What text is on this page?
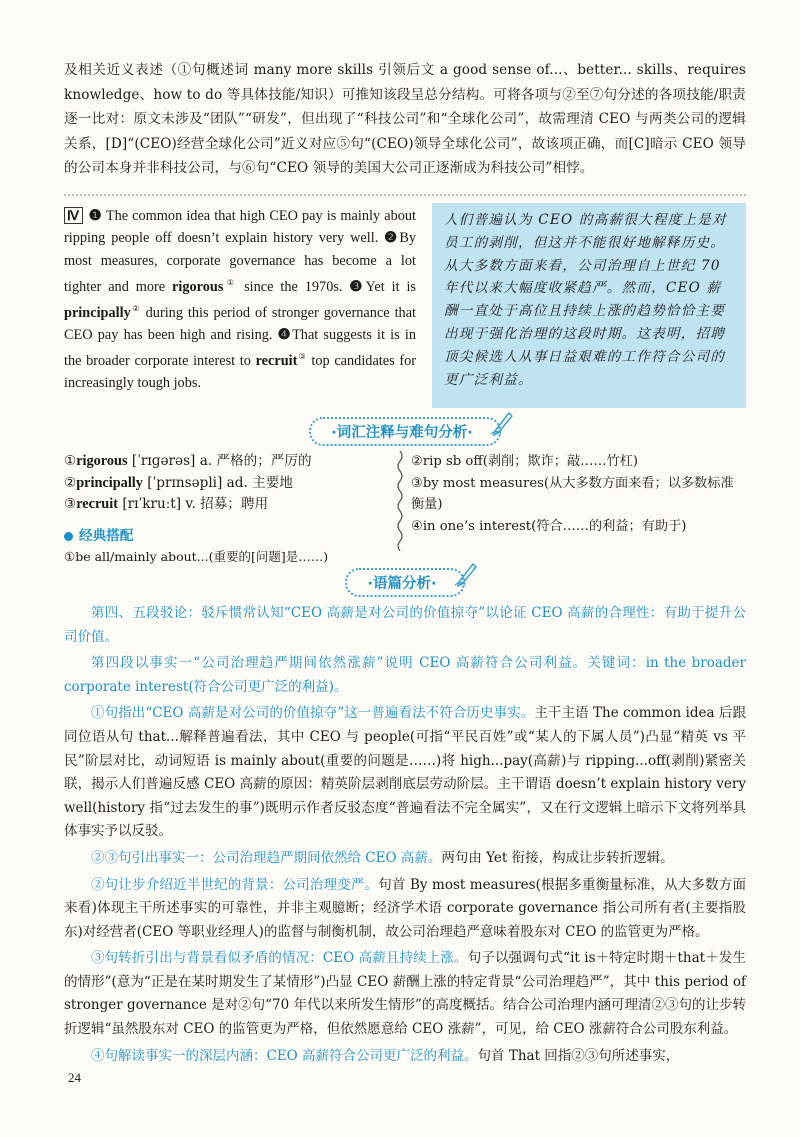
及相关近义表述（①句概述词 many more skills 引领后文 a good sense of...、better... skills、requires knowledge、how to do 等具体技能/知识）可推知该段呈总分结构。可将各项与②至⑦句分述的各项技能/职责逐一比对：原文未涉及“团队”“研发”，但出现了“科技公司”和“全球化公司”，故需理清 CEO 与两类公司的逻辑关系，[D]“(CEO)经营全球化公司”近义对应⑤句“(CEO)领导全球化公司”，故该项正确，而[C]暗示 CEO 领导的公司本身并非科技公司，与⑥句“CEO 领导的美国大公司正逐渐成为科技公司”相悖。

Ⅳ ❶ The common idea that high CEO pay is mainly about ripping people off doesn’t explain history very well. ❷By most measures, corporate governance has become a lot tighter and more rigorous① since the 1970s. ❸Yet it is principally② during this period of stronger governance that CEO pay has been high and rising. ❹That suggests it is in the broader corporate interest to recruit③ top candidates for increasingly tough jobs.
人们普遍认为 CEO 的高薪很大程度上是对员工的剥削，但这并不能很好地解释历史。从大多数方面来看，公司治理自上世纪 70 年代以来大幅度收紧趋严。然而，CEO 薪酬一直处于高位且持续上涨的趋势恰恰主要出现于强化治理的这段时期。这表明，招聘顶尖候选人从事日益艰难的工作符合公司的更广泛利益。
·词汇注释与难句分析·
①rigorous [ˈrɪɡərəs] a. 严格的；严厉的
②principally [ˈprɪnsəpli] ad. 主要地
③recruit [rɪˈkruːt] v. 招募；聘用
经典搭配
①be all/mainly about...(重要的[问题]是……)
②rip sb off(剥削；欺诈；敲……竹杠)
③by most measures(从大多数方面来看；以多数标准衡量)
④in one’s interest(符合……的利益；有助于)
·语篇分析·

第四、五段驳论：驳斥惯常认知“CEO 高薪是对公司的价值掠夺”以论证 CEO 高薪的合理性：有助于提升公司价值。

第四段以事实一“公司治理趋严期间依然涨薪”说明 CEO 高薪符合公司利益。关键词：in the broader corporate interest(符合公司更广泛的利益)。

①句指出“CEO 高薪是对公司的价值掠夺”这一普遍看法不符合历史事实。主干主语 The common idea 后跟同位语从句 that...解释普遍看法，其中 CEO 与 people(可指“平民百姓”或“某人的下属人员”)凸显“精英 vs 平民”阶层对比，动词短语 is mainly about(重要的问题是……)将 high...pay(高薪)与 ripping...off(剥削)紧密关联，揭示人们普遍反感 CEO 高薪的原因：精英阶层剥削底层劳动阶层。主干谓语 doesn’t explain history very well(history 指“过去发生的事”)既明示作者反驳态度“普遍看法不完全属实”，又在行文逻辑上暗示下文将列举具体事实予以反驳。

②③句引出事实一：公司治理趋严期间依然给 CEO 高薪。两句由 Yet 衔接，构成让步转折逻辑。

②句让步介绍近半世纪的背景：公司治理变严。句首 By most measures(根据多重衡量标准，从大多数方面来看)体现主干所述事实的可靠性，并非主观臆断；经济学术语 corporate governance 指公司所有者(主要指股东)对经营者(CEO 等职业经理人)的监督与制衡机制，故公司治理趋严意味着股东对 CEO 的监管更为严格。

③句转折引出与背景看似矛盾的情况：CEO 高薪且持续上涨。句子以强调句式“it is＋特定时期＋that＋发生的情形”(意为“正是在某时期发生了某情形”)凸显 CEO 薪酬上涨的特定背景“公司治理趋严”，其中 this period of stronger governance 是对②句“70 年代以来所发生情形”的高度概括。结合公司治理内涵可理清②③句的让步转折逻辑“虽然股东对 CEO 的监管更为严格，但依然愿意给 CEO 涨薪”，可见，给 CEO 涨薪符合公司股东利益。

④句解读事实一的深层内涵：CEO 高薪符合公司更广泛的利益。句首 That 回指②③句所述事实，

24
